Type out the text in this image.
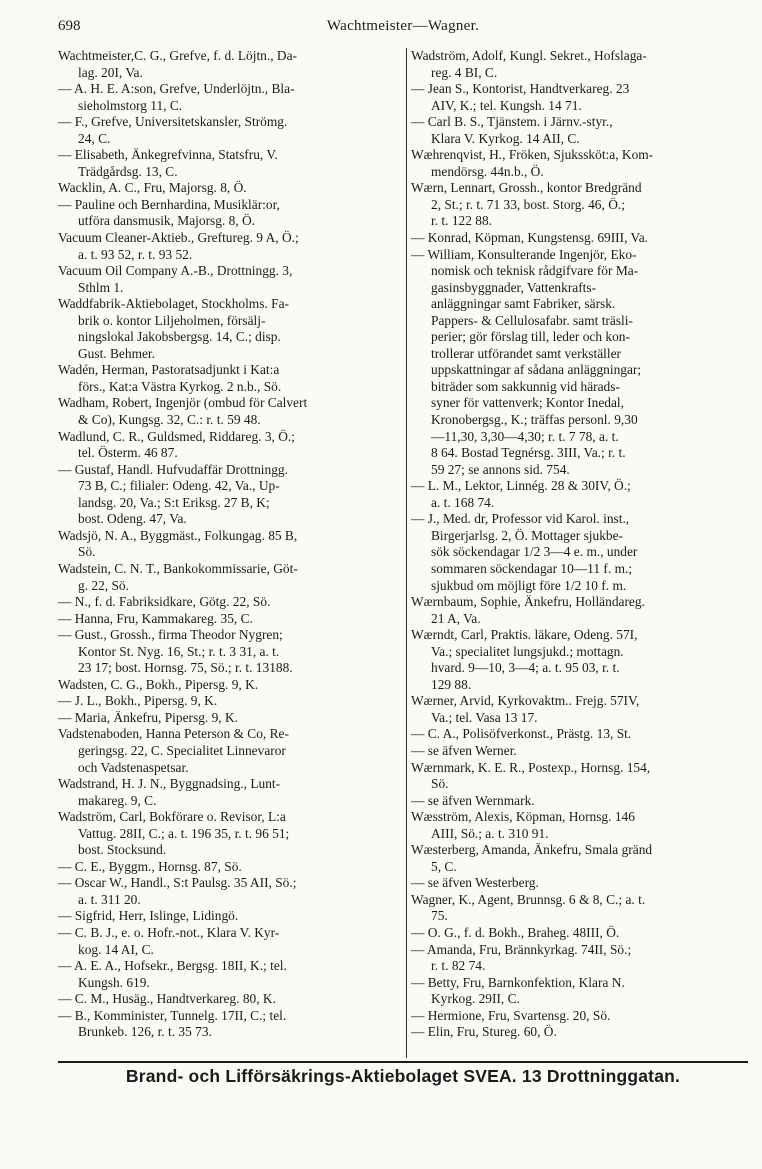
698	Wachtmeister—Wagner.
Wachtmeister,C. G., Grefve, f. d. Löjtn., Da-
lag. 20I, Va.
— A. H. E. A:son, Grefve, Underlöjtn., Bla-
sieholmstorg 11, C.
— F., Grefve, Universitetskansler, Strömg.
24, C.
— Elisabeth, Änkegrefvinna, Statsfru, V.
Trädgårdsg. 13, C.
Wacklin, A. C., Fru, Majorsg. 8, Ö.
— Pauline och Bernhardina, Musiklär:or,
utföra dansmusik, Majorsg. 8, Ö.
Vacuum Cleaner-Aktieb., Greftureg. 9 A, Ö.;
a. t. 93 52, r. t. 93 52.
Vacuum Oil Company A.-B., Drottningg. 3,
Sthlm 1.
Waddfabrik-Aktiebolaget, Stockholms. Fa-
brik o. kontor Liljeholmen, försälj-
ningslokal Jakobsbergsg. 14, C.; disp.
Gust. Behmer.
Wadén, Herman, Pastoratsadjunkt i Kat:a
förs., Kat:a Västra Kyrkog. 2 n.b., Sö.
Wadham, Robert, Ingenjör (ombud för Calvert
& Co), Kungsg. 32, C.: r. t. 59 48.
Wadlund, C. R., Guldsmed, Riddareg. 3, Ö.;
tel. Österm. 46 87.
— Gustaf, Handl. Hufvudaffär Drottningg.
73 B, C.; filialer: Odeng. 42, Va., Up-
landsg. 20, Va.; S:t Eriksg. 27 B, K;
bost. Odeng. 47, Va.
Wadsjö, N. A., Byggmäst., Folkungag. 85 B,
Sö.
Wadstein, C. N. T., Bankokommissarie, Göt-
g. 22, Sö.
— N., f. d. Fabriksidkare, Götg. 22, Sö.
— Hanna, Fru, Kammakareg. 35, C.
— Gust., Grossh., firma Theodor Nygren;
Kontor St. Nyg. 16, St.; r. t. 3 31, a. t.
23 17; bost. Hornsg. 75, Sö.; r. t. 13188.
Wadsten, C. G., Bokh., Pipersg. 9, K.
— J. L., Bokh., Pipersg. 9, K.
— Maria, Änkefru, Pipersg. 9, K.
Vadstenaboden, Hanna Peterson & Co, Re-
geringsg. 22, C. Specialitet Linnevaror
och Vadstenaspetsar.
Wadstrand, H. J. N., Byggnadsing., Lunt-
makareg. 9, C.
Wadström, Carl, Bokförare o. Revisor, L:a
Vattug. 28II, C.; a. t. 196 35, r. t. 96 51;
bost. Stocksund.
— C. E., Byggm., Hornsg. 87, Sö.
— Oscar W., Handl., S:t Paulsg. 35 AII, Sö.;
a. t. 311 20.
— Sigfrid, Herr, Islinge, Lidingö.
— C. B. J., e. o. Hofr.-not., Klara V. Kyr-
kog. 14 AI, C.
— A. E. A., Hofsekr., Bergsg. 18II, K.; tel.
Kungsh. 619.
— C. M., Husäg., Handtverkareg. 80, K.
— B., Komminister, Tunnelg. 17II, C.; tel.
Brunkeb. 126, r. t. 35 73.
Wadström, Adolf, Kungl. Sekret., Hofslaga-
reg. 4 BI, C.
— Jean S., Kontorist, Handtverkareg. 23
AIV, K.; tel. Kungsh. 14 71.
— Carl B. S., Tjänstem. i Järnv.-styr.,
Klara V. Kyrkog. 14 AII, C.
Wæhrenqvist, H., Fröken, Sjukssköt:a, Kom-
mendörsg. 44n.b., Ö.
Wærn, Lennart, Grossh., kontor Bredgränd
2, St.; r. t. 71 33, bost. Storg. 46, Ö.;
r. t. 122 88.
— Konrad, Köpman, Kungstensg. 69III, Va.
— William, Konsulterande Ingenjör, Eko-
nomisk och teknisk rådgifvare för Ma-
gasinsbyggnader, Vattenkrafts-
anläggningar samt Fabriker, särsk.
Pappers- & Cellulosafabr. samt träsli-
perier; gör förslag till, leder och kon-
trollerar utförandet samt verkställer
uppskattningar af sådana anläggningar;
biträder som sakkunnig vid härads-
syner för vattenverk; Kontor Inedal,
Kronobergsg., K.; träffas personl. 9,30
—11,30, 3,30—4,30; r. t. 7 78, a. t.
8 64. Bostad Tegnérsg. 3III, Va.; r. t.
59 27; se annons sid. 754.
— L. M., Lektor, Linnég. 28 & 30IV, Ö.;
a. t. 168 74.
— J., Med. dr, Professor vid Karol. inst.,
Birgerjarlsg. 2, Ö. Mottager sjukbe-
sök söckendagar 1/2 3—4 e. m., under
sommaren söckendagar 10—11 f. m.;
sjukbud om möjligt före 1/2 10 f. m.
Wærnbaum, Sophie, Änkefru, Holländareg.
21 A, Va.
Wærndt, Carl, Praktis. läkare, Odeng. 57I,
Va.; specialitet lungsjukd.; mottagn.
hvard. 9—10, 3—4; a. t. 95 03, r. t.
129 88.
Wærner, Arvid, Kyrkovaktm.. Frejg. 57IV,
Va.; tel. Vasa 13 17.
— C. A., Polisöfverkonst., Prästg. 13, St.
— se äfven Werner.
Wærnmark, K. E. R., Postexp., Hornsg. 154,
Sö.
— se äfven Wernmark.
Wæsström, Alexis, Köpman, Hornsg. 146
AIII, Sö.; a. t. 310 91.
Wæsterberg, Amanda, Änkefru, Smala gränd
5, C.
— se äfven Westerberg.
Wagner, K., Agent, Brunnsg. 6 & 8, C.; a. t.
75.
— O. G., f. d. Bokh., Braheg. 48III, Ö.
— Amanda, Fru, Brännkyrkag. 74II, Sö.;
r. t. 82 74.
— Betty, Fru, Barnkonfektion, Klara N.
Kyrkog. 29II, C.
— Hermione, Fru, Svartensg. 20, Sö.
— Elin, Fru, Stureg. 60, Ö.
Brand- och Lifförsäkrings-Aktiebolaget SVEA. 13 Drottninggatan.
